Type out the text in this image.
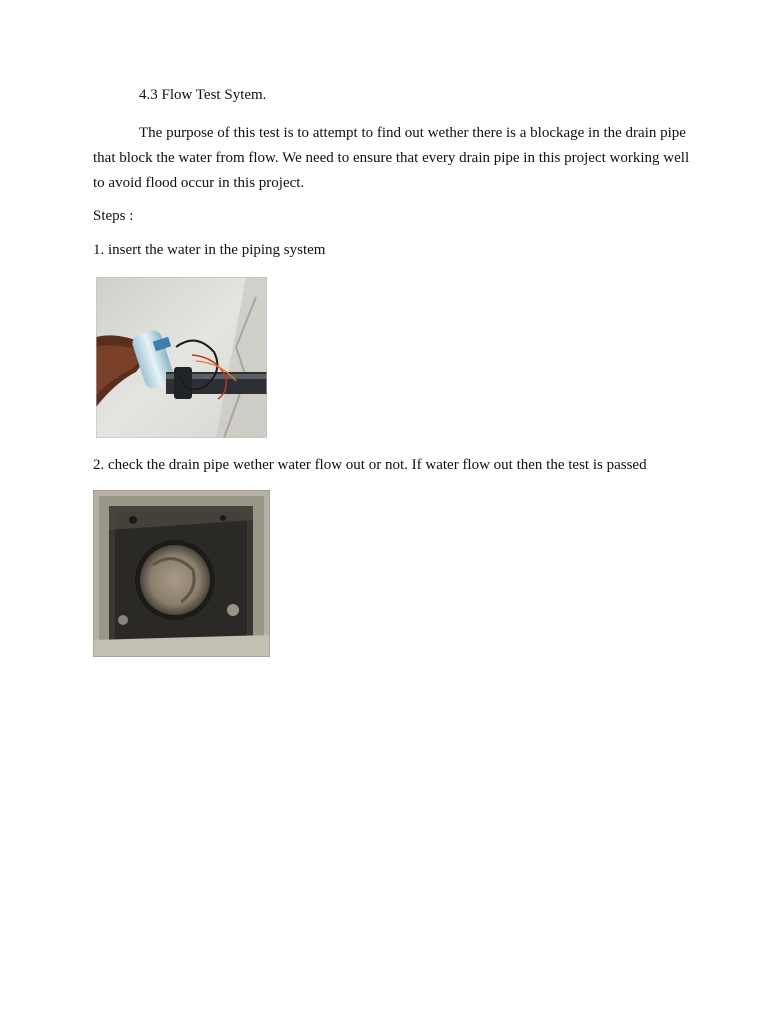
4.3 Flow Test Sytem.
The purpose of this test is to attempt to find out wether there is a blockage in the drain pipe that block the water from flow. We need to ensure that every drain pipe in this project working well to avoid flood occur in this project.
Steps :
1. insert the water in the piping system
2. check the drain pipe wether water flow out or not. If water flow out then the test is passed
